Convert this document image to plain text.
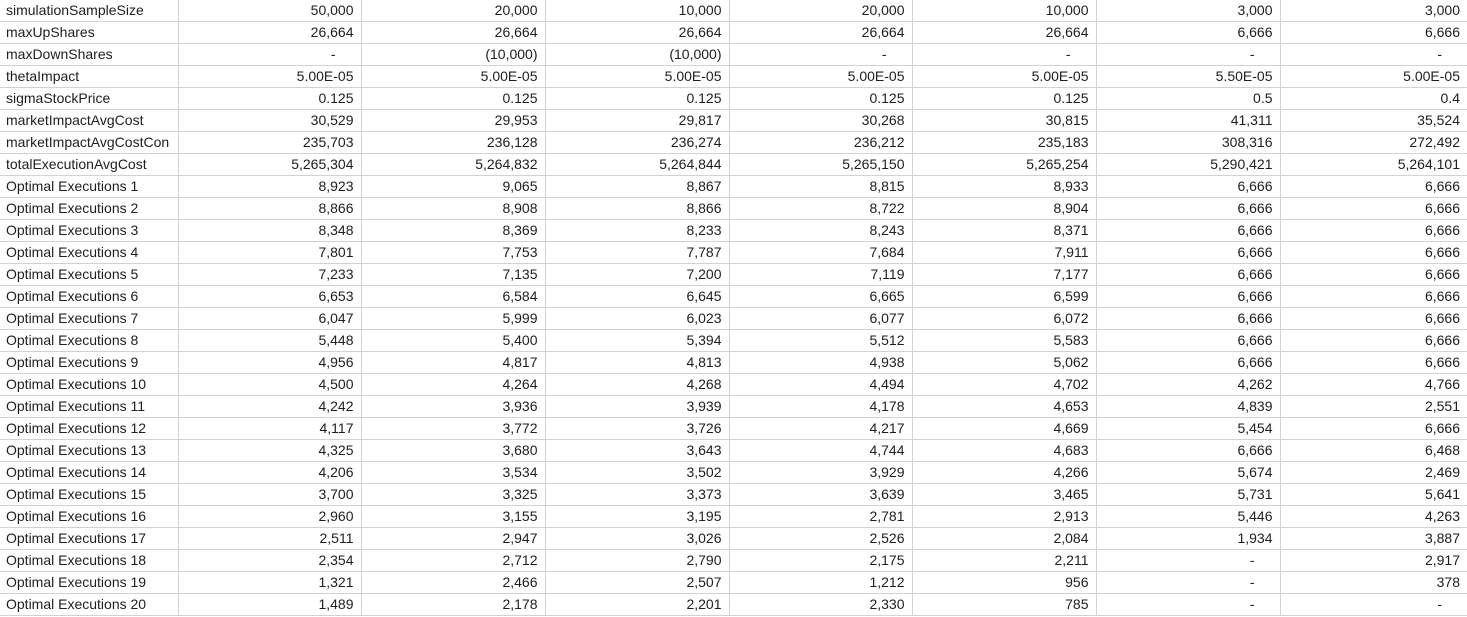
simulationSampleSize	50,000	20,000	10,000	20,000	10,000	3,000	3,000
maxUpShares	26,664	26,664	26,664	26,664	26,664	6,666	6,666
maxDownShares	-	(10,000)	(10,000)	-	-	-	-
thetaImpact	5.00E-05	5.00E-05	5.00E-05	5.00E-05	5.00E-05	5.50E-05	5.00E-05
sigmaStockPrice	0.125	0.125	0.125	0.125	0.125	0.5	0.4
marketImpactAvgCost	30,529	29,953	29,817	30,268	30,815	41,311	35,524
marketImpactAvgCostCon	235,703	236,128	236,274	236,212	235,183	308,316	272,492
totalExecutionAvgCost	5,265,304	5,264,832	5,264,844	5,265,150	5,265,254	5,290,421	5,264,101
Optimal Executions 1	8,923	9,065	8,867	8,815	8,933	6,666	6,666
Optimal Executions 2	8,866	8,908	8,866	8,722	8,904	6,666	6,666
Optimal Executions 3	8,348	8,369	8,233	8,243	8,371	6,666	6,666
Optimal Executions 4	7,801	7,753	7,787	7,684	7,911	6,666	6,666
Optimal Executions 5	7,233	7,135	7,200	7,119	7,177	6,666	6,666
Optimal Executions 6	6,653	6,584	6,645	6,665	6,599	6,666	6,666
Optimal Executions 7	6,047	5,999	6,023	6,077	6,072	6,666	6,666
Optimal Executions 8	5,448	5,400	5,394	5,512	5,583	6,666	6,666
Optimal Executions 9	4,956	4,817	4,813	4,938	5,062	6,666	6,666
Optimal Executions 10	4,500	4,264	4,268	4,494	4,702	4,262	4,766
Optimal Executions 11	4,242	3,936	3,939	4,178	4,653	4,839	2,551
Optimal Executions 12	4,117	3,772	3,726	4,217	4,669	5,454	6,666
Optimal Executions 13	4,325	3,680	3,643	4,744	4,683	6,666	6,468
Optimal Executions 14	4,206	3,534	3,502	3,929	4,266	5,674	2,469
Optimal Executions 15	3,700	3,325	3,373	3,639	3,465	5,731	5,641
Optimal Executions 16	2,960	3,155	3,195	2,781	2,913	5,446	4,263
Optimal Executions 17	2,511	2,947	3,026	2,526	2,084	1,934	3,887
Optimal Executions 18	2,354	2,712	2,790	2,175	2,211	-	2,917
Optimal Executions 19	1,321	2,466	2,507	1,212	956	-	378
Optimal Executions 20	1,489	2,178	2,201	2,330	785	-	-
